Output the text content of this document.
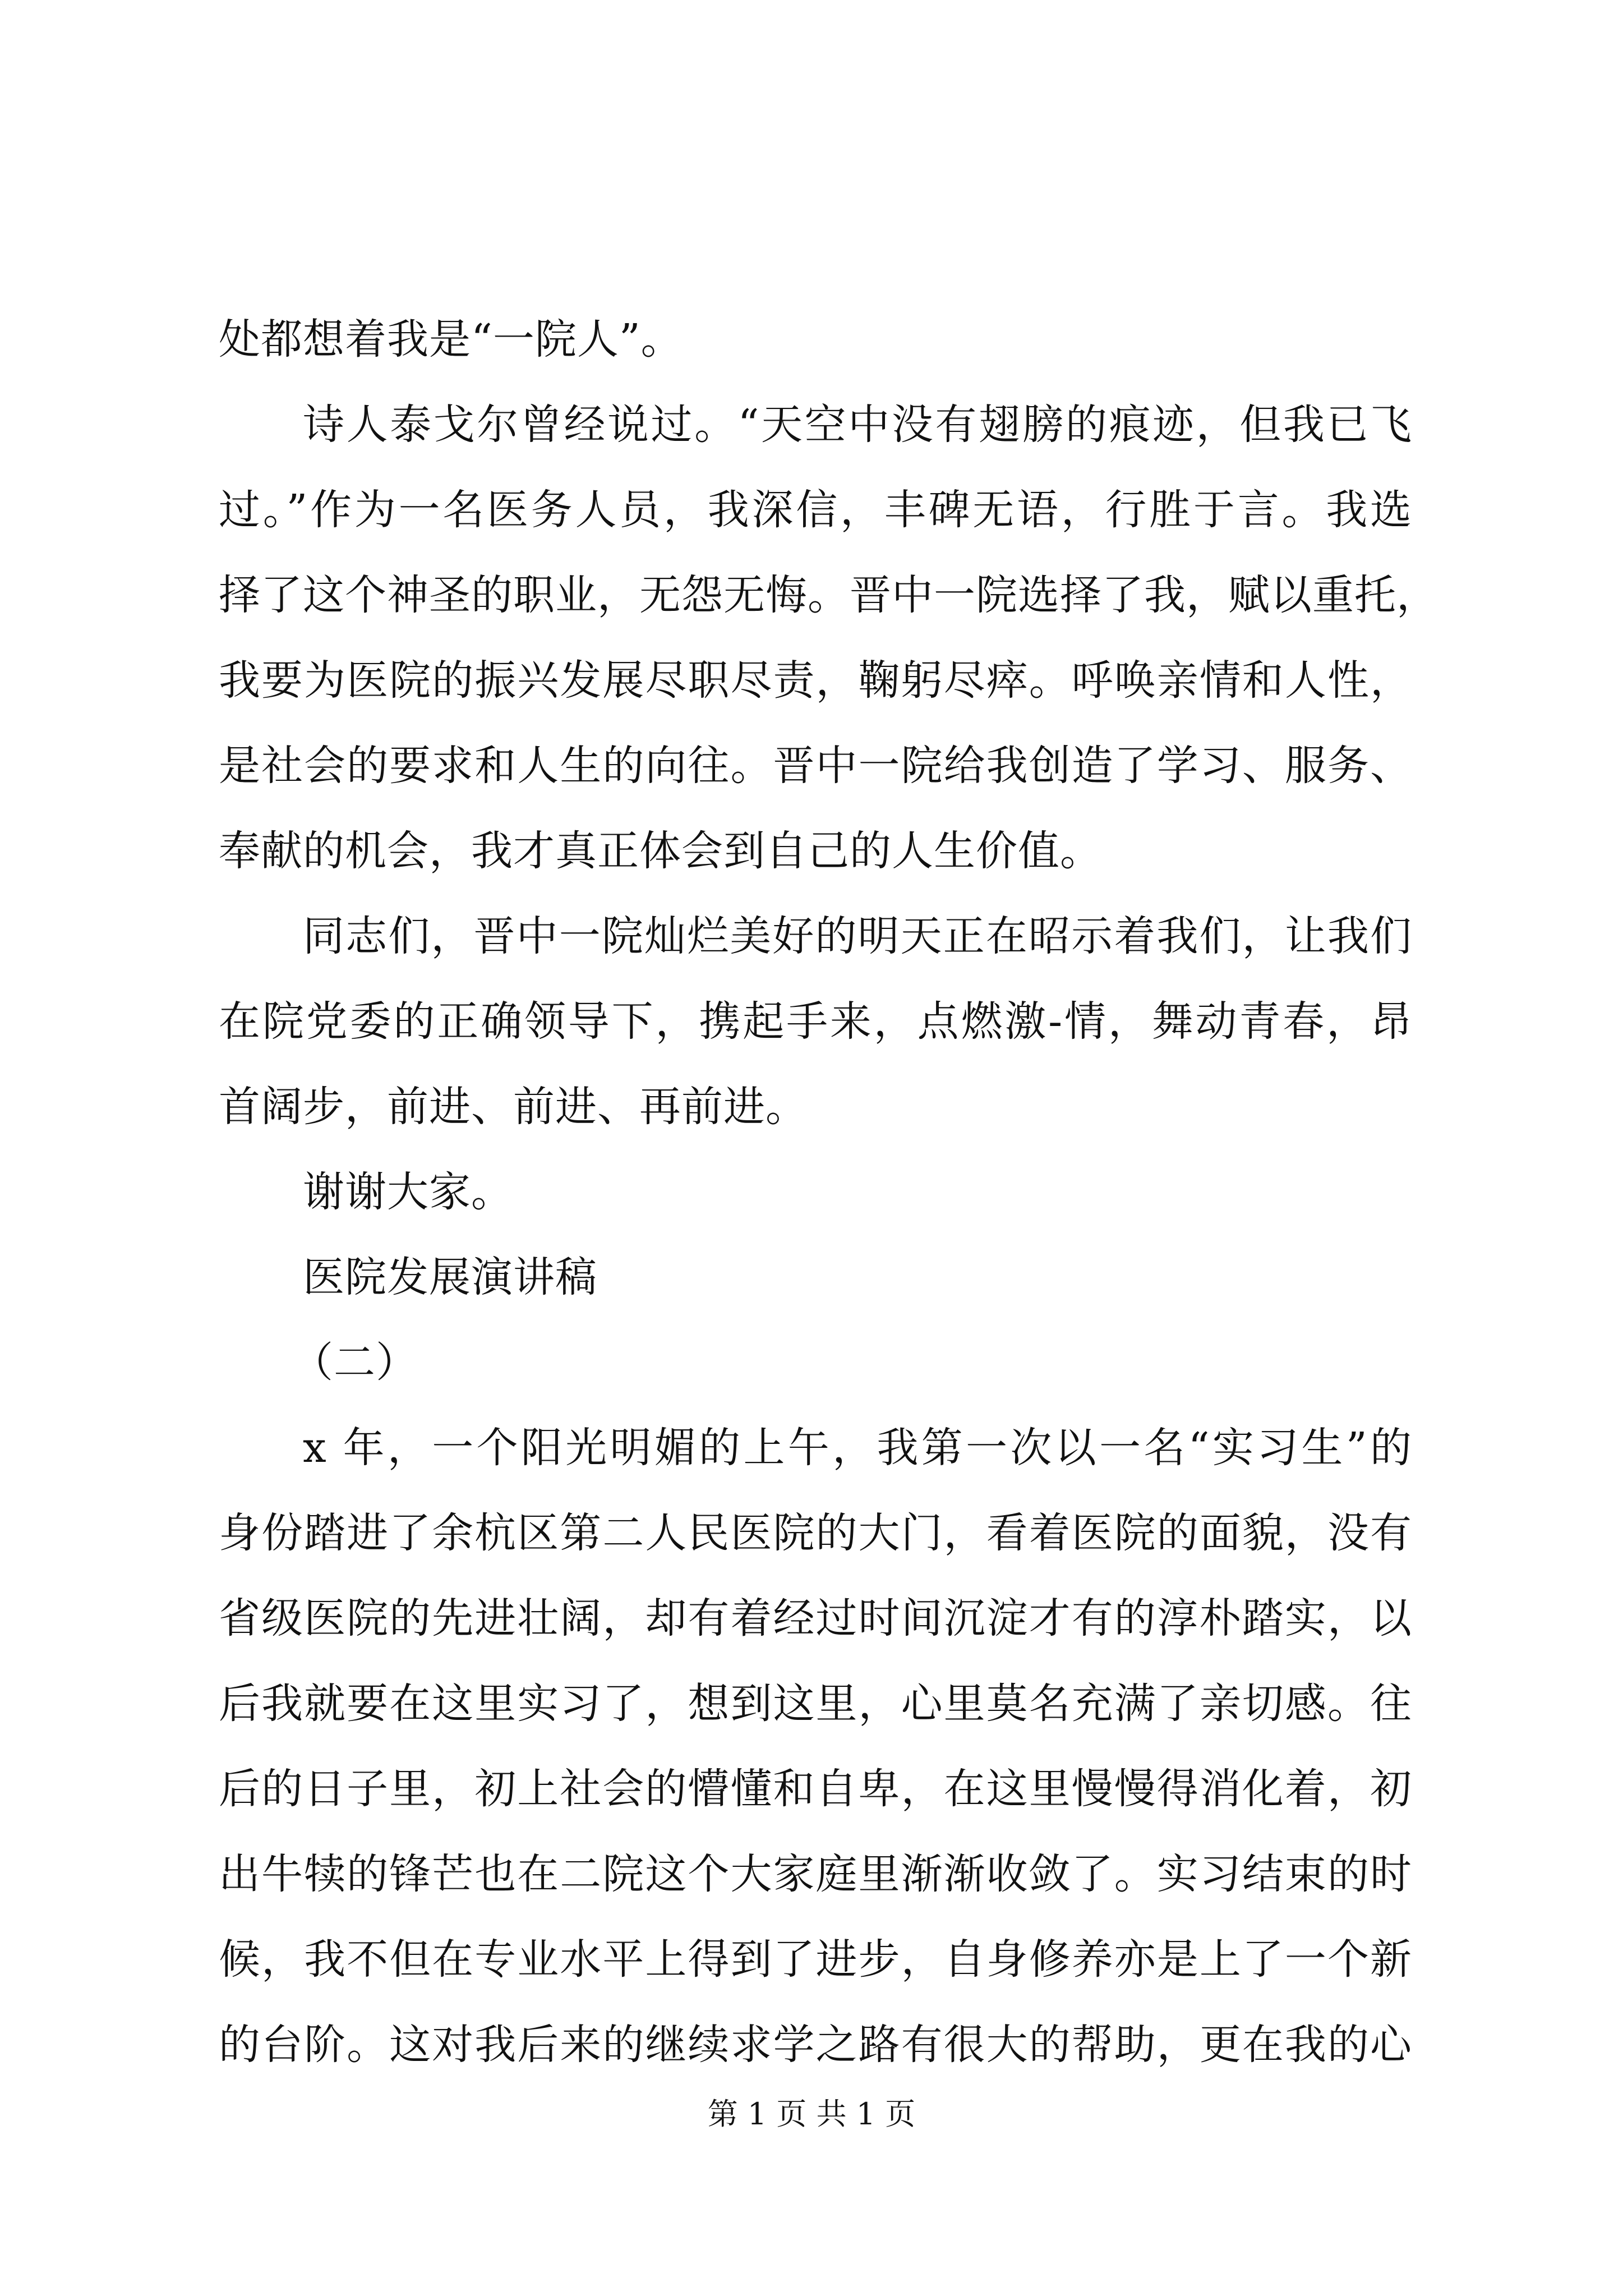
处都想着我是“一院人”。
诗人泰戈尔曾经说过。“天空中没有翅膀的痕迹，但我已飞
过。”作为一名医务人员，我深信，丰碑无语，行胜于言。我选
择了这个神圣的职业，无怨无悔。晋中一院选择了我，赋以重托，
我要为医院的振兴发展尽职尽责，鞠躬尽瘁。呼唤亲情和人性，
是社会的要求和人生的向往。晋中一院给我创造了学习、服务、
奉献的机会，我才真正体会到自己的人生价值。
同志们，晋中一院灿烂美好的明天正在昭示着我们，让我们
在院党委的正确领导下，携起手来，点燃激-情，舞动青春，昂
首阔步，前进、前进、再前进。
谢谢大家。
医院发展演讲稿
（二）
x 年，一个阳光明媚的上午，我第一次以一名“实习生”的
身份踏进了余杭区第二人民医院的大门，看着医院的面貌，没有
省级医院的先进壮阔，却有着经过时间沉淀才有的淳朴踏实，以
后我就要在这里实习了，想到这里，心里莫名充满了亲切感。往
后的日子里，初上社会的懵懂和自卑，在这里慢慢得消化着，初
出牛犊的锋芒也在二院这个大家庭里渐渐收敛了。实习结束的时
候，我不但在专业水平上得到了进步，自身修养亦是上了一个新
的台阶。这对我后来的继续求学之路有很大的帮助，更在我的心
第 1 页 共 1 页
